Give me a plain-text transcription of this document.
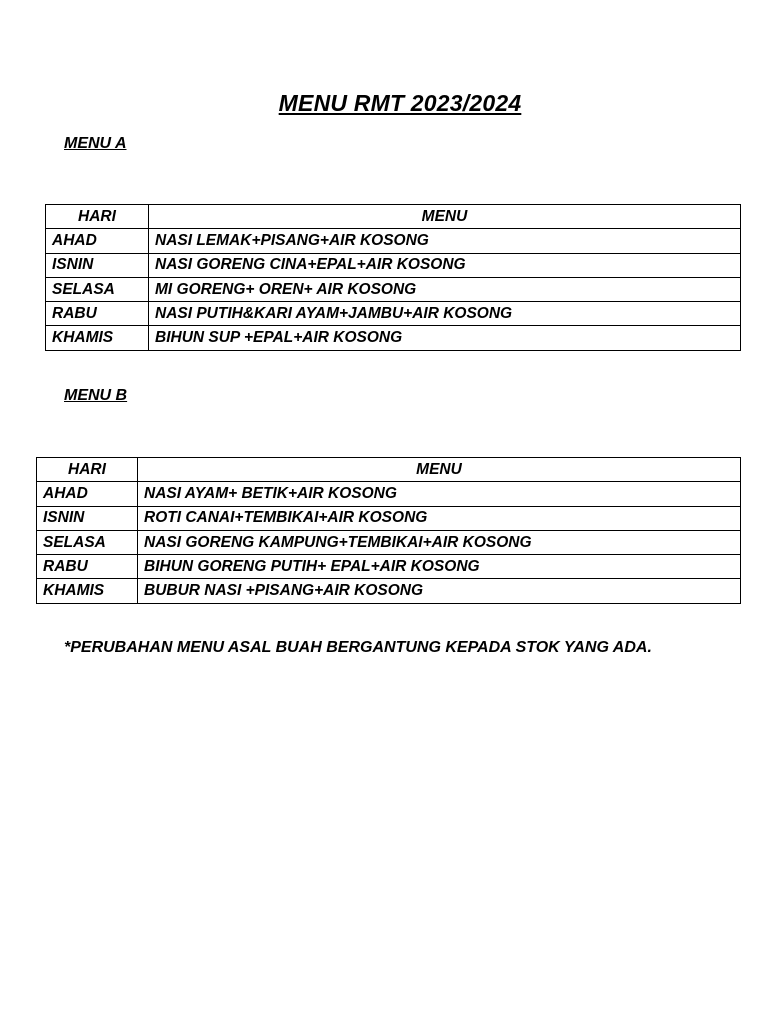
MENU RMT 2023/2024
MENU A
HARI	MENU
AHAD	NASI LEMAK+PISANG+AIR KOSONG
ISNIN	NASI GORENG CINA+EPAL+AIR KOSONG
SELASA	MI GORENG+ OREN+ AIR KOSONG
RABU	NASI PUTIH&KARI AYAM+JAMBU+AIR KOSONG
KHAMIS	BIHUN SUP +EPAL+AIR KOSONG
MENU B
HARI	MENU
AHAD	NASI AYAM+ BETIK+AIR KOSONG
ISNIN	ROTI CANAI+TEMBIKAI+AIR KOSONG
SELASA	NASI GORENG KAMPUNG+TEMBIKAI+AIR KOSONG
RABU	BIHUN GORENG PUTIH+ EPAL+AIR KOSONG
KHAMIS	BUBUR NASI +PISANG+AIR KOSONG
*PERUBAHAN MENU ASAL BUAH BERGANTUNG KEPADA STOK YANG ADA.
